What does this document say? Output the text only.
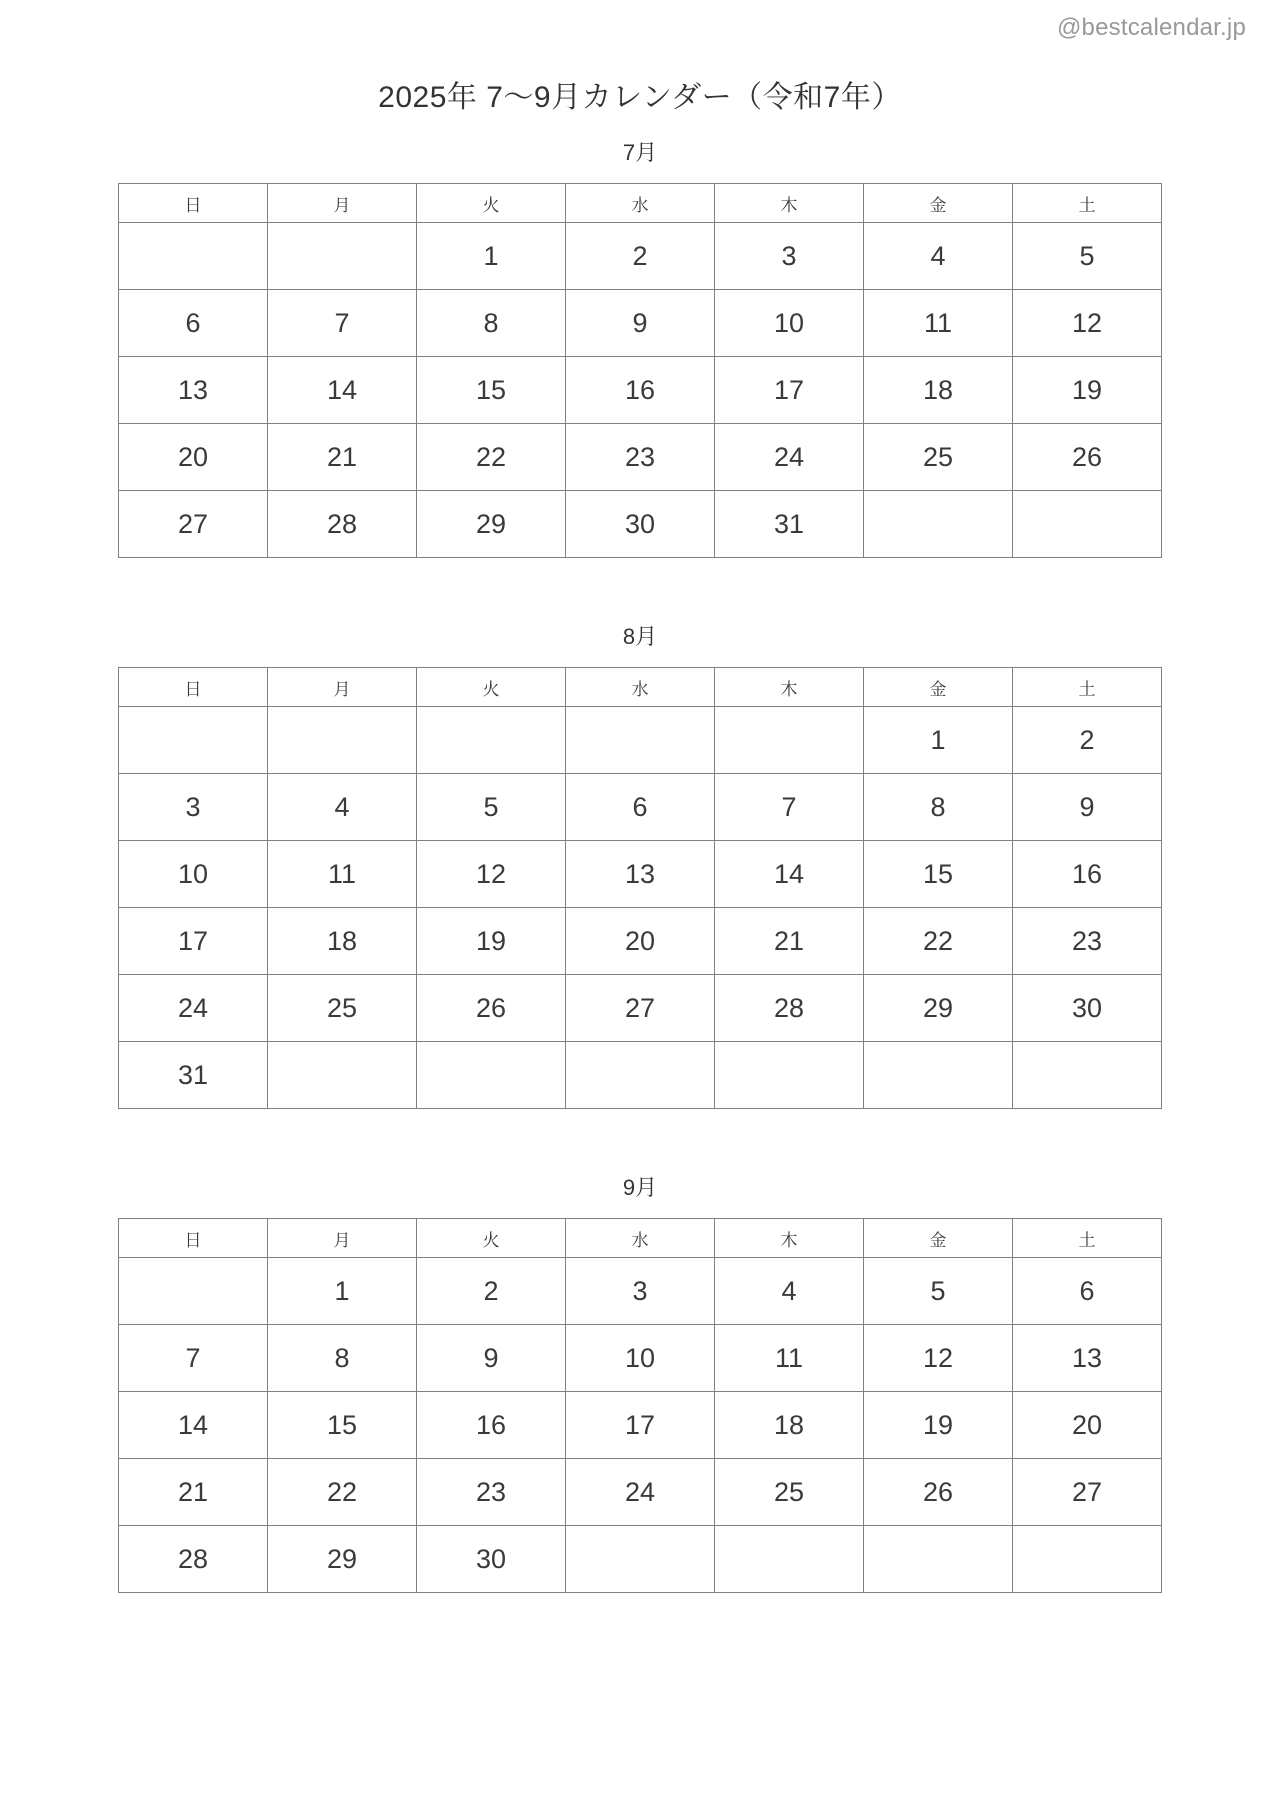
@bestcalendar.jp
2025年 7〜9月カレンダー（令和7年）
7月
日	月	火	水	木	金	土
		1	2	3	4	5
6	7	8	9	10	11	12
13	14	15	16	17	18	19
20	21	22	23	24	25	26
27	28	29	30	31		
8月
日	月	火	水	木	金	土
					1	2
3	4	5	6	7	8	9
10	11	12	13	14	15	16
17	18	19	20	21	22	23
24	25	26	27	28	29	30
31						
9月
日	月	火	水	木	金	土
	1	2	3	4	5	6
7	8	9	10	11	12	13
14	15	16	17	18	19	20
21	22	23	24	25	26	27
28	29	30				
